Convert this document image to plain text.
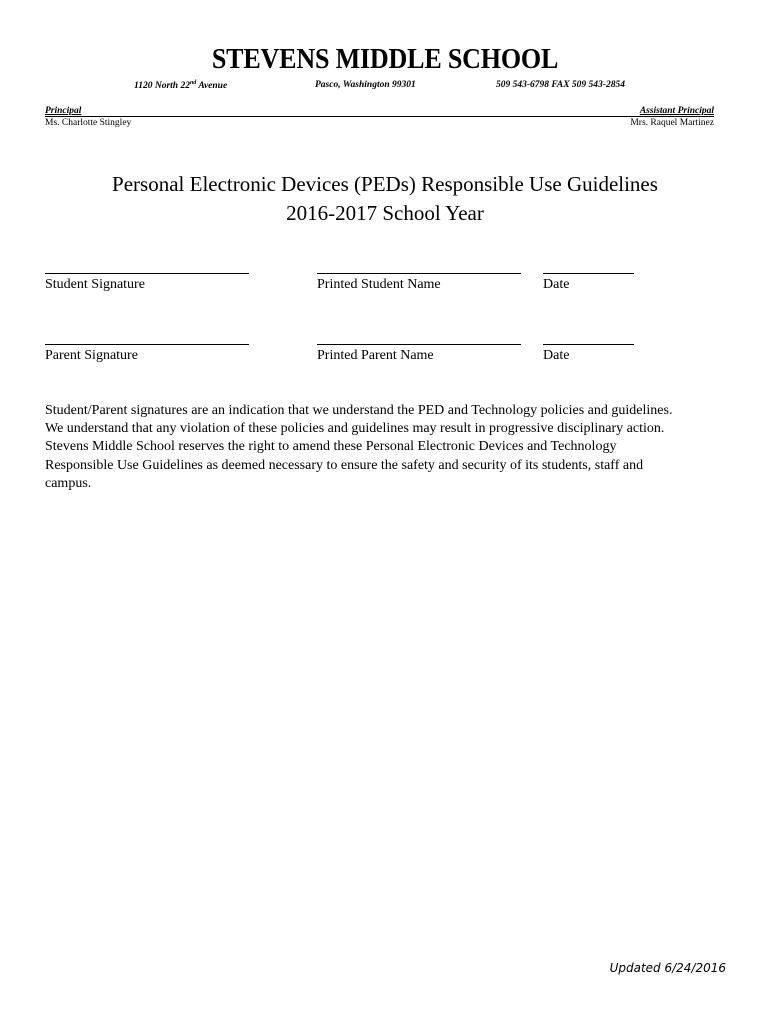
STEVENS MIDDLE SCHOOL
1120 North 22nd Avenue	Pasco, Washington 99301	509 543-6798 FAX 509 543-2854
Principal	Assistant Principal
Ms. Charlotte Stingley	Mrs. Raquel Martinez
Personal Electronic Devices (PEDs) Responsible Use Guidelines
2016-2017 School Year
Student Signature	Printed Student Name	Date
Parent Signature	Printed Parent Name	Date
Student/Parent signatures are an indication that we understand the PED and Technology policies and guidelines.
We understand that any violation of these policies and guidelines may result in progressive disciplinary action.
Stevens Middle School reserves the right to amend these Personal Electronic Devices and Technology
Responsible Use Guidelines as deemed necessary to ensure the safety and security of its students, staff and
campus.
Updated 6/24/2016
